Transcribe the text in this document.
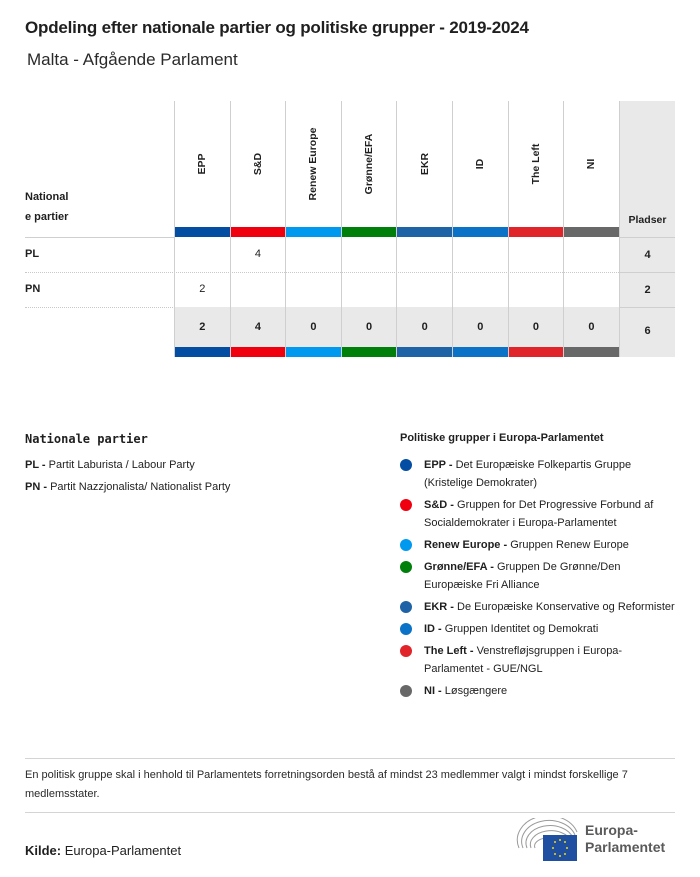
Opdeling efter nationale partier og politiske grupper - 2019-2024
Malta - Afgående Parlament
National
e partier
PL
PN
Pladser
4
2
6
EPP
2
2
S&D
4
4
Renew Europe
0
Grønne/EFA
0
EKR
0
ID
0
The Left
0
NI
0
Nationale partier
PL - Partit Laburista / Labour Party
PN - Partit Nazzjonalista/ Nationalist Party
Politiske grupper i Europa-Parlamentet
EPP - Det Europæiske Folkepartis Gruppe (Kristelige Demokrater)
S&D - Gruppen for Det Progressive Forbund af Socialdemokrater i Europa-Parlamentet
Renew Europe - Gruppen Renew Europe
Grønne/EFA - Gruppen De Grønne/Den Europæiske Fri Alliance
EKR - De Europæiske Konservative og Reformister
ID - Gruppen Identitet og Demokrati
The Left - Venstrefløjsgruppen i Europa-Parlamentet - GUE/NGL
NI - Løsgængere
En politisk gruppe skal i henhold til Parlamentets forretningsorden bestå af mindst 23 medlemmer valgt i mindst forskellige 7 medlemsstater.
Kilde: Europa-Parlamentet
Europa-
Parlamentet
